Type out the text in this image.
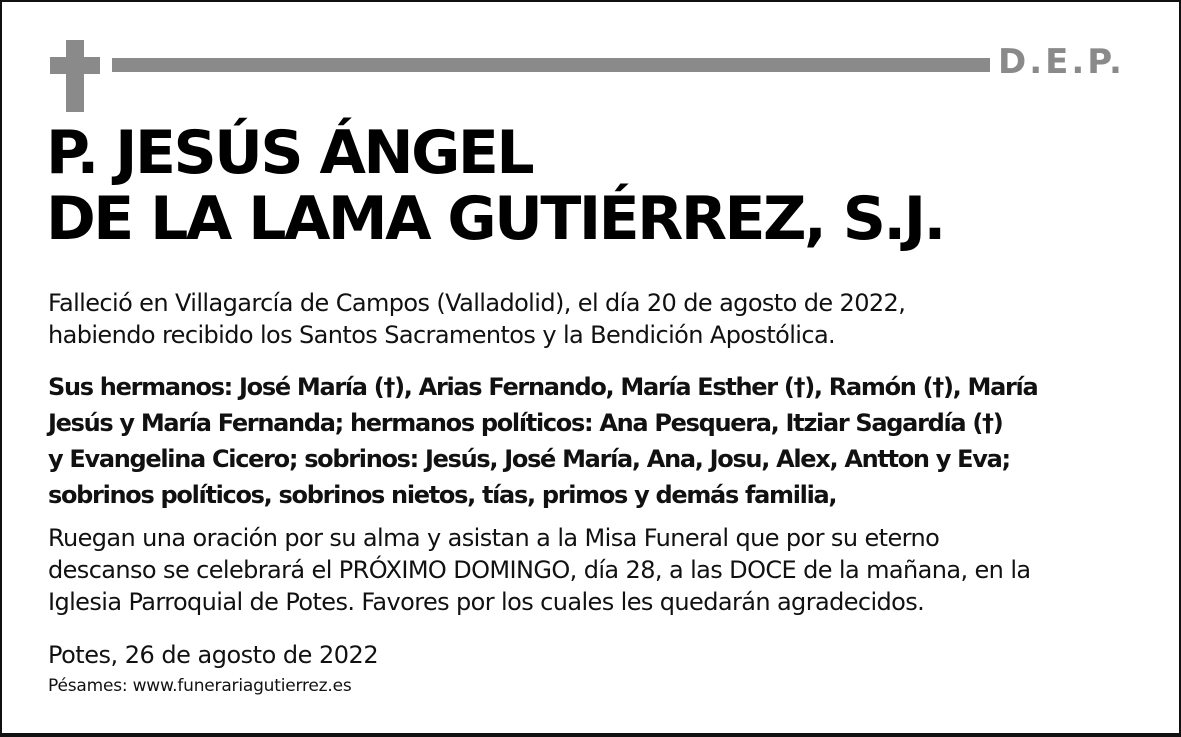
D.E.P.
P. JESÚS ÁNGEL
DE LA LAMA GUTIÉRREZ, S.J.
Falleció en Villagarcía de Campos (Valladolid), el día 20 de agosto de 2022,
habiendo recibido los Santos Sacramentos y la Bendición Apostólica.
Sus hermanos: José María (†), Arias Fernando, María Esther (†), Ramón (†), María
Jesús y María Fernanda; hermanos políticos: Ana Pesquera, Itziar Sagardía (†)
y Evangelina Cicero; sobrinos: Jesús, José María, Ana, Josu, Alex, Antton y Eva;
sobrinos políticos, sobrinos nietos, tías, primos y demás familia,
Ruegan una oración por su alma y asistan a la Misa Funeral que por su eterno
descanso se celebrará el PRÓXIMO DOMINGO, día 28, a las DOCE de la mañana, en la
Iglesia Parroquial de Potes. Favores por los cuales les quedarán agradecidos.
Potes, 26 de agosto de 2022
Pésames: www.funerariagutierrez.es
